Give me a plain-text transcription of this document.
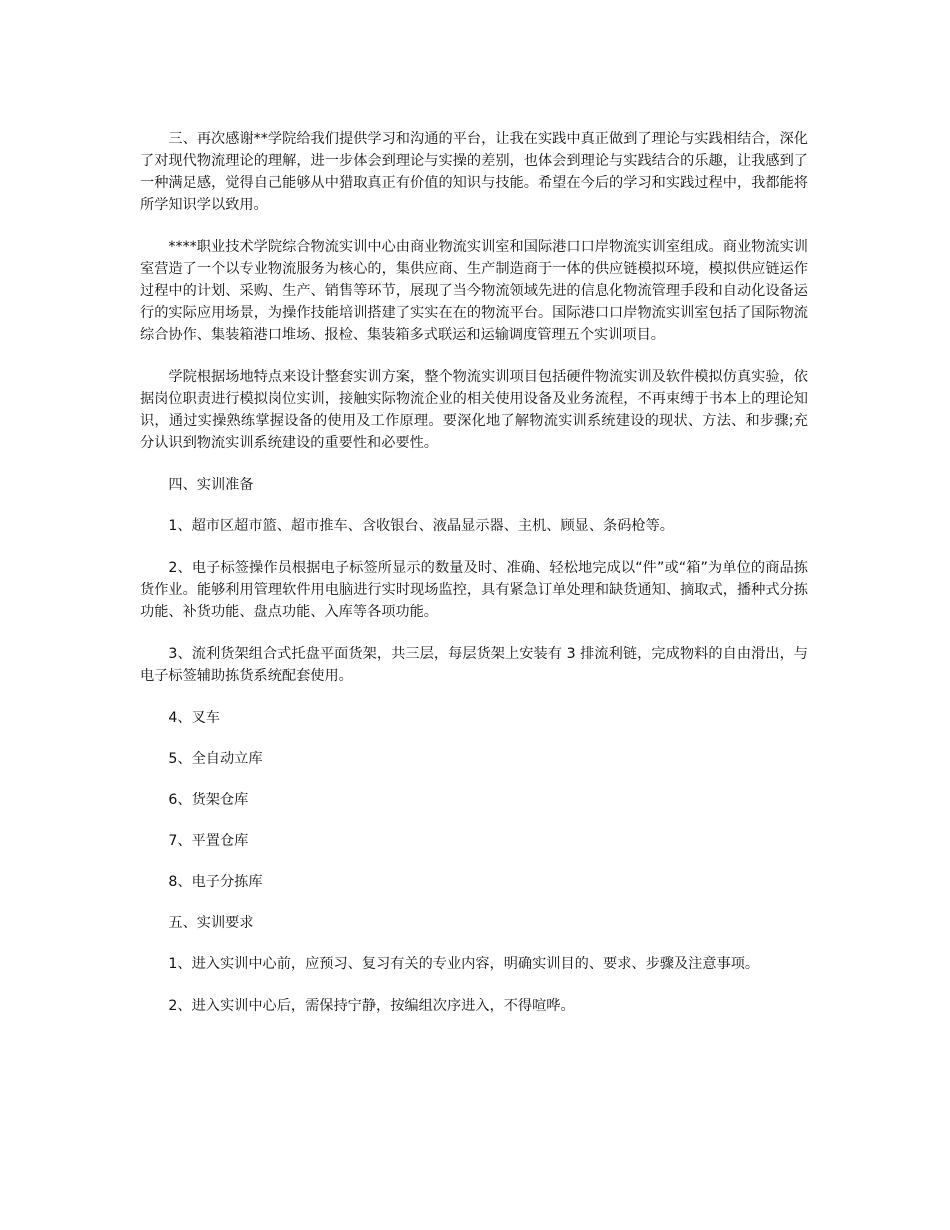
三、再次感谢**学院给我们提供学习和沟通的平台，让我在实践中真正做到了理论与实践相结合，深化了对现代物流理论的理解，进一步体会到理论与实操的差别，也体会到理论与实践结合的乐趣，让我感到了一种满足感，觉得自己能够从中猎取真正有价值的知识与技能。希望在今后的学习和实践过程中，我都能将所学知识学以致用。

****职业技术学院综合物流实训中心由商业物流实训室和国际港口口岸物流实训室组成。商业物流实训室营造了一个以专业物流服务为核心的，集供应商、生产制造商于一体的供应链模拟环境，模拟供应链运作过程中的计划、采购、生产、销售等环节，展现了当今物流领域先进的信息化物流管理手段和自动化设备运行的实际应用场景，为操作技能培训搭建了实实在在的物流平台。国际港口口岸物流实训室包括了国际物流综合协作、集装箱港口堆场、报检、集装箱多式联运和运输调度管理五个实训项目。

学院根据场地特点来设计整套实训方案，整个物流实训项目包括硬件物流实训及软件模拟仿真实验，依据岗位职责进行模拟岗位实训，接触实际物流企业的相关使用设备及业务流程，不再束缚于书本上的理论知识，通过实操熟练掌握设备的使用及工作原理。要深化地了解物流实训系统建设的现状、方法、和步骤;充分认识到物流实训系统建设的重要性和必要性。

四、实训准备

1、超市区超市篮、超市推车、含收银台、液晶显示器、主机、顾显、条码枪等。

2、电子标签操作员根据电子标签所显示的数量及时、准确、轻松地完成以“件”或“箱”为单位的商品拣货作业。能够利用管理软件用电脑进行实时现场监控，具有紧急订单处理和缺货通知、摘取式，播种式分拣功能、补货功能、盘点功能、入库等各项功能。

3、流利货架组合式托盘平面货架，共三层，每层货架上安装有 3 排流利链，完成物料的自由滑出，与电子标签辅助拣货系统配套使用。

4、叉车

5、全自动立库

6、货架仓库

7、平置仓库

8、电子分拣库

五、实训要求

1、进入实训中心前，应预习、复习有关的专业内容，明确实训目的、要求、步骤及注意事项。

2、进入实训中心后，需保持宁静，按编组次序进入，不得喧哗。
